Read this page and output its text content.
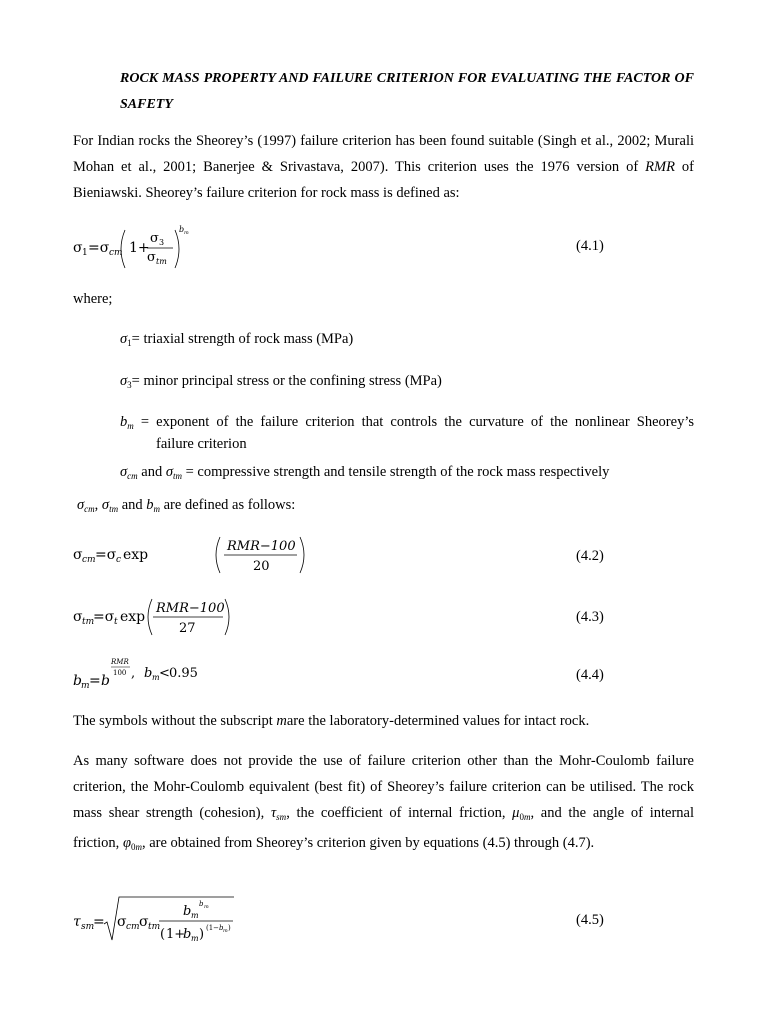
ROCK MASS PROPERTY AND FAILURE CRITERION FOR EVALUATING THE FACTOR OF SAFETY
For Indian rocks the Sheorey’s (1997) failure criterion has been found suitable (Singh et al., 2002; Murali Mohan et al., 2001; Banerjee & Srivastava, 2007). This criterion uses the 1976 version of RMR of Bieniawski. Sheorey’s failure criterion for rock mass is defined as:
σ 1 =σ cm 1+
σ 3
σ tm
b m
(4.1)
where;
$\sigma_1=$ triaxial strength of rock mass (MPa)
$\sigma_3=$ minor principal stress or the confining stress (MPa)
$b_m$ = exponent of the failure criterion that controls the curvature of the nonlinear Sheorey’s
failure criterion
$\sigma_{cm}$ and $\sigma_{tm}$ = compressive strength and tensile strength of the rock mass respectively
$\sigma_{cm}$, $\sigma_{tm}$ and $b_m$ are defined as follows:
σ cm =σ c exp
RMR−100
20
(4.2)
σ tm
=σ t exp
RMR−100
27
(4.3)
b m = b
RMR
100 , b m < 0.95	(4.4)
The symbols without the subscript mare the laboratory-determined values for intact rock.
As many software does not provide the use of failure criterion other than the Mohr-Coulomb failure criterion, the Mohr-Coulomb equivalent (best fit) of Sheorey’s failure criterion can be utilised. The rock mass shear strength (cohesion), $\tau_{sm}$, the coefficient of internal friction, $\mu_{0m}$, and the angle of internal friction, $\varphi_{0m}$, are obtained from Sheorey’s criterion given by equations (4.5) through (4.7).
τ sm
= σ cm σ tm
b m
b m
( 1+
b m ) (1− b m )	(4.5)
